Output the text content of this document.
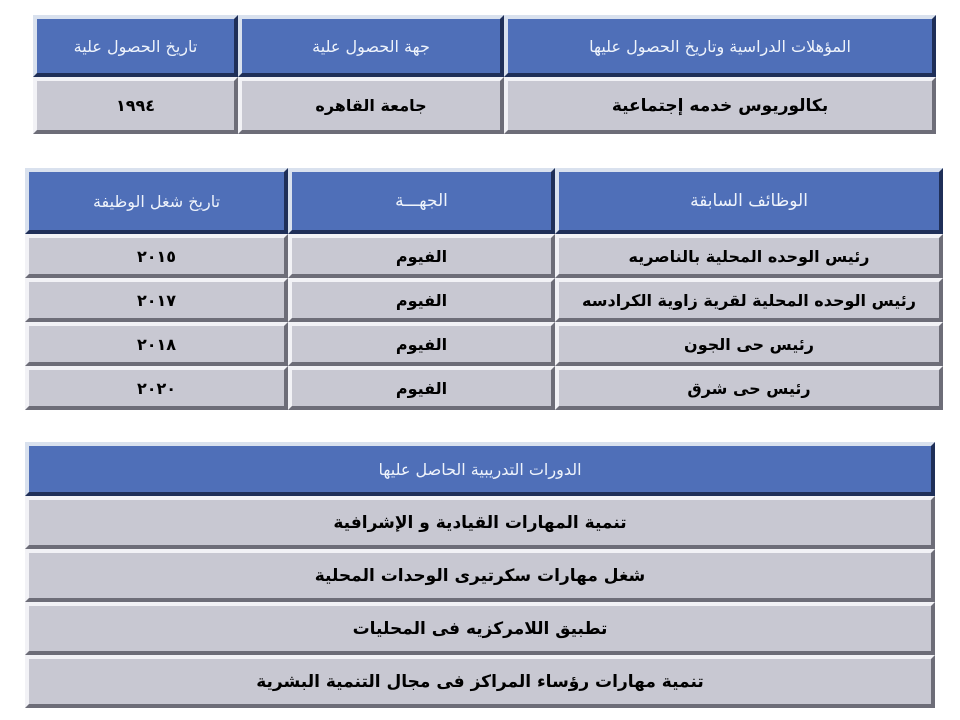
المؤهلات الدراسية وتاريخ الحصول عليها
جهة الحصول علية
تاريخ الحصول علية
بكالوريوس خدمه إجتماعية
جامعة القاهره
١٩٩٤
الوظائف السابقة
الجهـــة
تاريخ شغل الوظيفة
رئيس الوحده المحلية بالناصريه
الفيوم
٢٠١٥
رئيس الوحده المحلية لقرية زاوية الكرادسه
الفيوم
٢٠١٧
رئيس حى الجون
الفيوم
٢٠١٨
رئيس حى شرق
الفيوم
٢٠٢٠
الدورات التدريبية الحاصل عليها
تنمية المهارات القيادية و الإشرافية
شغل مهارات سكرتيرى الوحدات المحلية
تطبيق اللامركزيه فى المحليات
تنمية مهارات رؤساء المراكز فى مجال التنمية البشرية
